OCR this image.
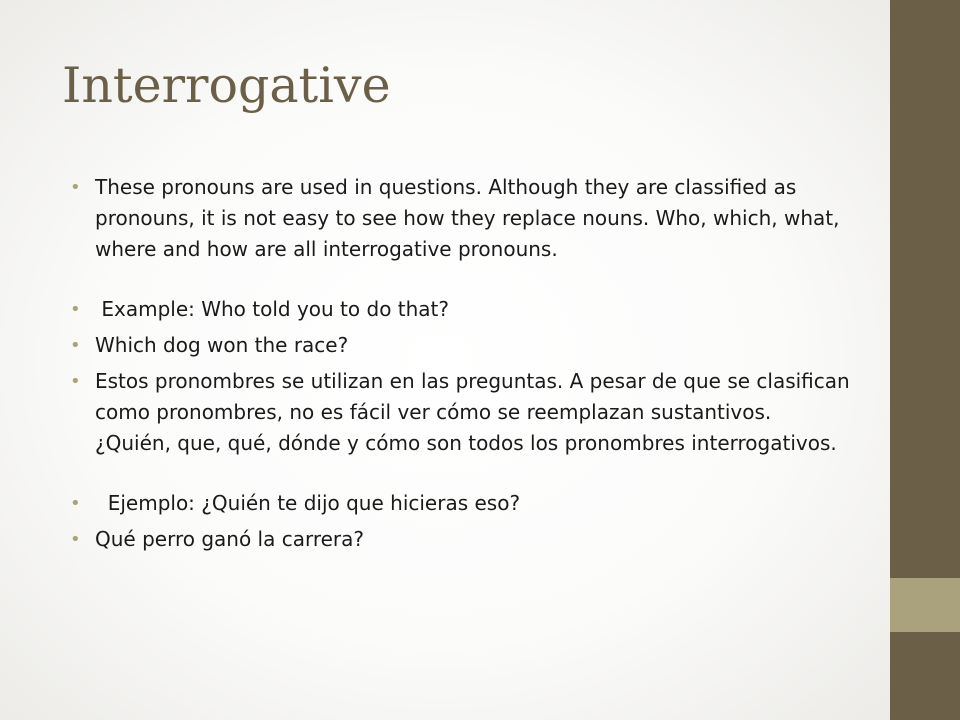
Interrogative
• These pronouns are used in questions. Although they are classified as pronouns, it is not easy to see how they replace nouns. Who, which, what, where and how are all interrogative pronouns.
• Example: Who told you to do that?
• Which dog won the race?
• Estos pronombres se utilizan en las preguntas. A pesar de que se clasifican como pronombres, no es fácil ver cómo se reemplazan sustantivos. ¿Quién, que, qué, dónde y cómo son todos los pronombres interrogativos.
• Ejemplo: ¿Quién te dijo que hicieras eso?
• Qué perro ganó la carrera?
